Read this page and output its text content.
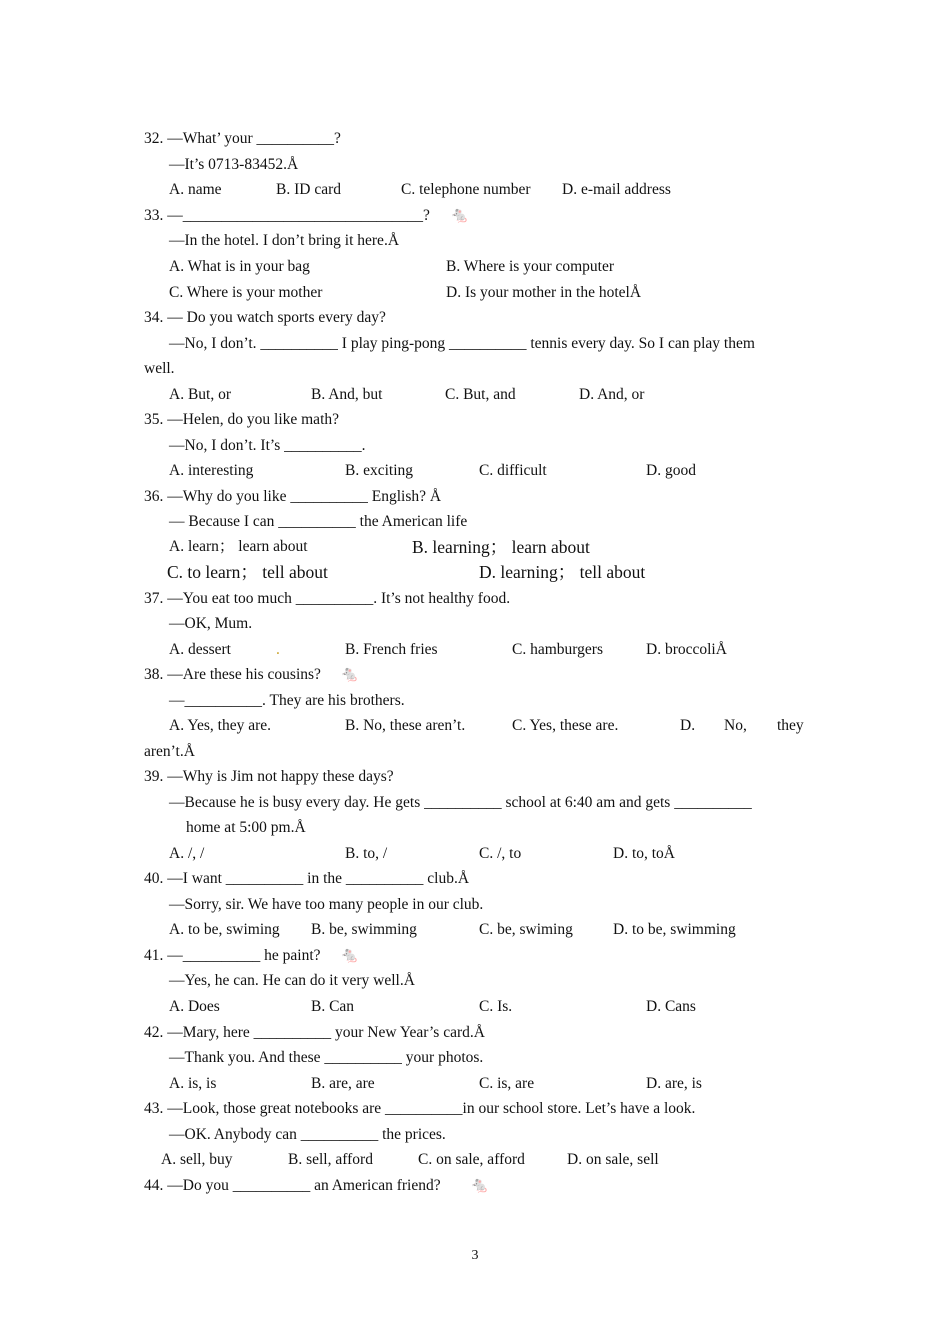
32. —What’ your __________?
—It’s 0713-83452.Å
A. name	B. ID card	C. telephone number D. e-mail address
33. —_______________________________? 🐁
—In the hotel. I don’t bring it here.Å
A. What is in your bag	B. Where is your computer
C. Where is your mother	D. Is your mother in the hotelÅ
34. — Do you watch sports every day?
—No, I don’t. __________ I play ping-pong __________ tennis every day. So I can play them
well.
A. But, or	B. And, but	C. But, and	D. And, or
35. —Helen, do you like math?
—No, I don’t. It’s __________.
A. interesting	B. exciting	C. difficult	D. good
36. —Why do you like __________ English? Å
— Because I can __________ the American life
A. learn； learn about	B. learning； learn about
C. to learn； tell about	D. learning； tell about
37. —You eat too much __________. It’s not healthy food.
—OK, Mum.
A. dessert	.	B. French fries	C. hamburgers	D. broccoliÅ
38. —Are these his cousins? 🐁
—__________. They are his brothers.
A. Yes, they are.	B. No, these aren’t.	C. Yes, these are.	D. No, they
aren’t.Å
39. —Why is Jim not happy these days?
—Because he is busy every day. He gets __________ school at 6:40 am and gets __________
home at 5:00 pm.Å
A. /, /	B. to, /	C. /, to	D. to, toÅ
40. —I want __________ in the __________ club.Å
—Sorry, sir. We have too many people in our club.
A. to be, swiming B. be, swimming	C. be, swiming	D. to be, swimming
41. —__________ he paint? 🐁
—Yes, he can. He can do it very well.Å
A. Does	B. Can	C. Is.	D. Cans
42. —Mary, here __________ your New Year’s card.Å
—Thank you. And these __________ your photos.
A. is, is	B. are, are	C. is, are	D. are, is
43. —Look, those great notebooks are __________in our school store. Let’s have a look.
—OK. Anybody can __________ the prices.
A. sell, buy	B. sell, afford	C. on sale, afford	D. on sale, sell
44. —Do you __________ an American friend? 🐁
3
